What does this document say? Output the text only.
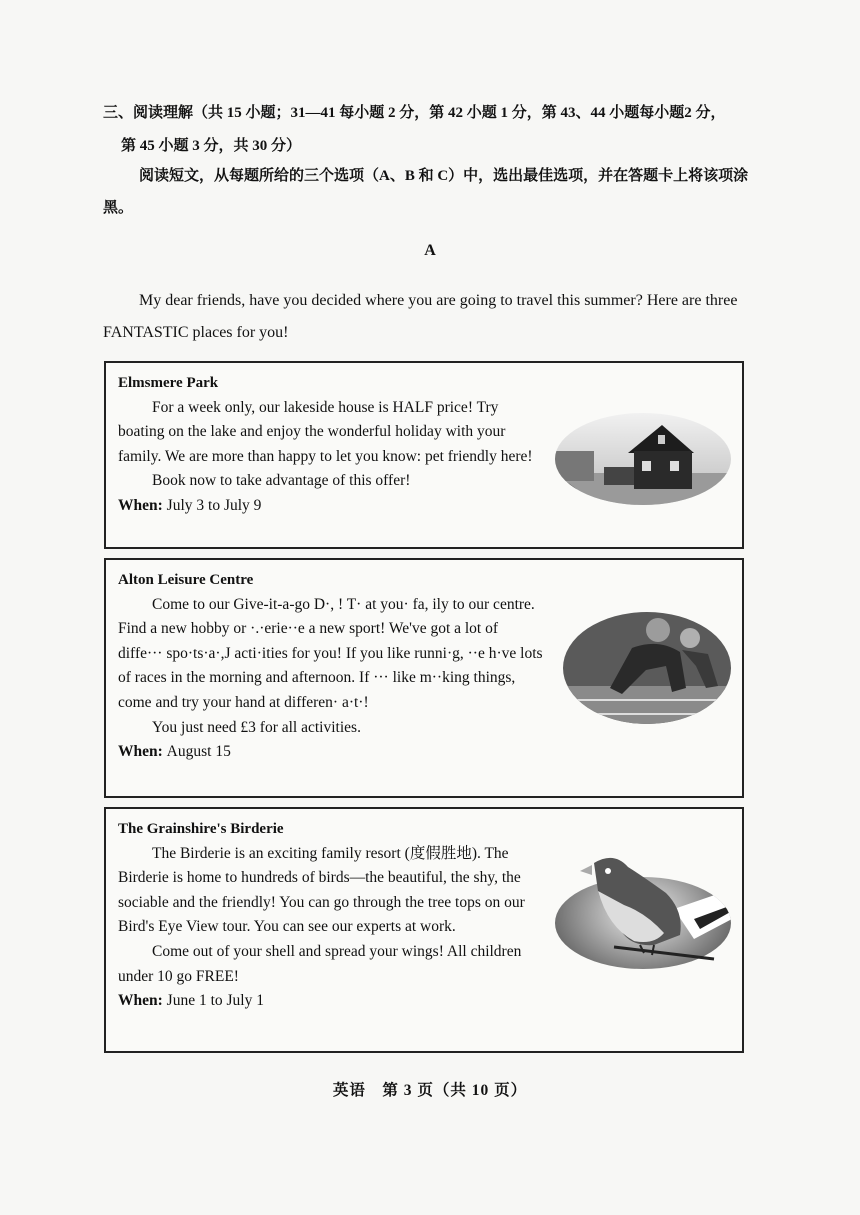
三、阅读理解（共 15 小题；31—41 每小题 2 分，第 42 小题 1 分，第 43、44 小题每小题2 分，
第 45 小题 3 分，共 30 分）
阅读短文，从每题所给的三个选项（A、B 和 C）中，选出最佳选项，并在答题卡上将该项涂黑。
A
My dear friends, have you decided where you are going to travel this summer? Here are three FANTASTIC places for you!
Elmsmere Park
For a week only, our lakeside house is HALF price! Try boating on the lake and enjoy the wonderful holiday with your family. We are more than happy to let you know: pet friendly here!
Book now to take advantage of this offer!
When: July 3 to July 9
Alton Leisure Centre
Come to our Give-it-a-go D·, ! T· at you· fa, ily to our centre. Find a new hobby or ·.·erie··e a new sport! We've got a lot of diffe··· spo·ts·a·,J acti·ities for you! If you like runni·g, ··e h·ve lots of races in the morning and afternoon. If ··· like m··king things, come and try your hand at differen· a·t·!
You just need £3 for all activities.
When: August 15
The Grainshire's Birderie
The Birderie is an exciting family resort (度假胜地). The Birderie is home to hundreds of birds—the beautiful, the shy, the sociable and the friendly! You can go through the tree tops on our Bird's Eye View tour. You can see our experts at work.
Come out of your shell and spread your wings! All children under 10 go FREE!
When: June 1 to July 1
英语　第 3 页（共 10 页）
